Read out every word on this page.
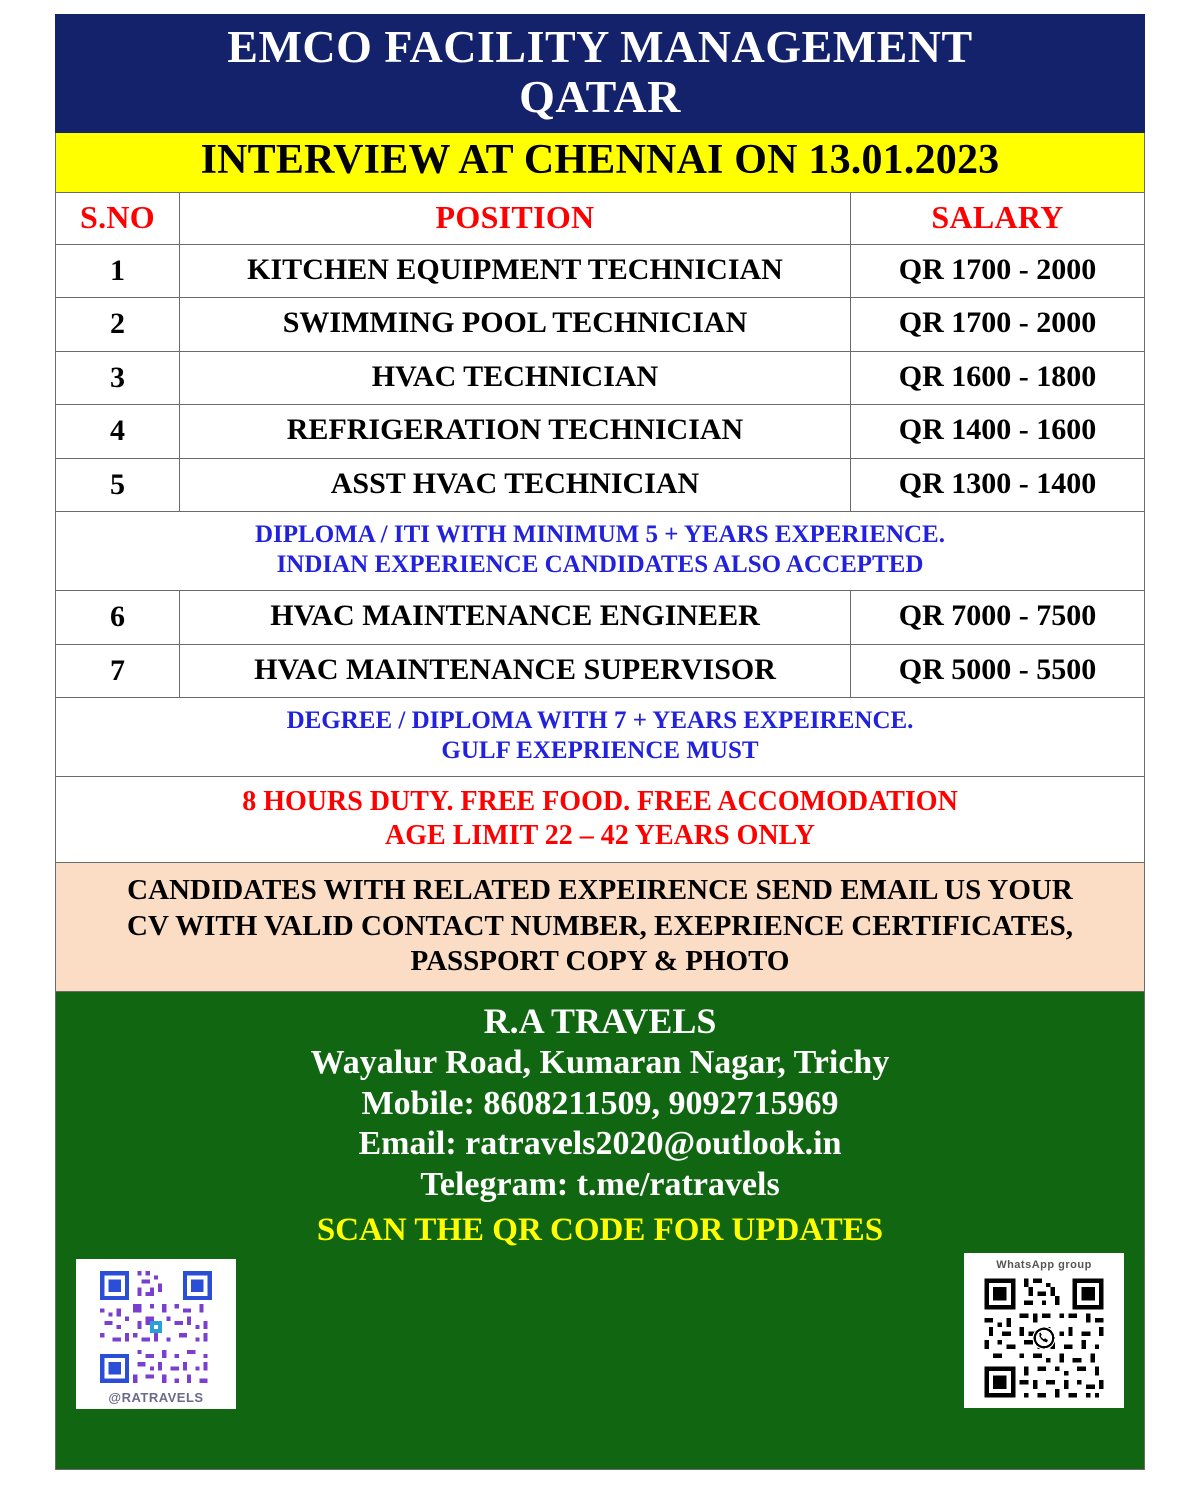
EMCO FACILITY MANAGEMENT
QATAR
INTERVIEW AT CHENNAI ON 13.01.2023
S.NO	POSITION	SALARY
1	KITCHEN EQUIPMENT TECHNICIAN	QR 1700 - 2000
2	SWIMMING POOL TECHNICIAN	QR 1700 - 2000
3	HVAC TECHNICIAN	QR 1600 - 1800
4	REFRIGERATION TECHNICIAN	QR 1400 - 1600
5	ASST HVAC TECHNICIAN	QR 1300 - 1400

DIPLOMA / ITI WITH MINIMUM 5 + YEARS EXPERIENCE.
INDIAN EXPERIENCE CANDIDATES ALSO ACCEPTED		

6	HVAC MAINTENANCE ENGINEER	QR 7000 - 7500
7	HVAC MAINTENANCE SUPERVISOR	QR 5000 - 5500

DEGREE / DIPLOMA WITH 7 + YEARS EXPEIRENCE.
GULF EXEPRIENCE MUST		

8 HOURS DUTY. FREE FOOD. FREE ACCOMODATION
AGE LIMIT 22 – 42 YEARS ONLY		

CANDIDATES WITH RELATED EXPEIRENCE SEND EMAIL US YOUR
CV WITH VALID CONTACT NUMBER, EXEPRIENCE CERTIFICATES,
PASSPORT COPY & PHOTO		
R.A TRAVELS
Wayalur Road, Kumaran Nagar, Trichy
Mobile: 8608211509, 9092715969
Email: ratravels2020@outlook.in
Telegram: t.me/ratravels
SCAN THE QR CODE FOR UPDATES
@RATRAVELS
WhatsApp group
